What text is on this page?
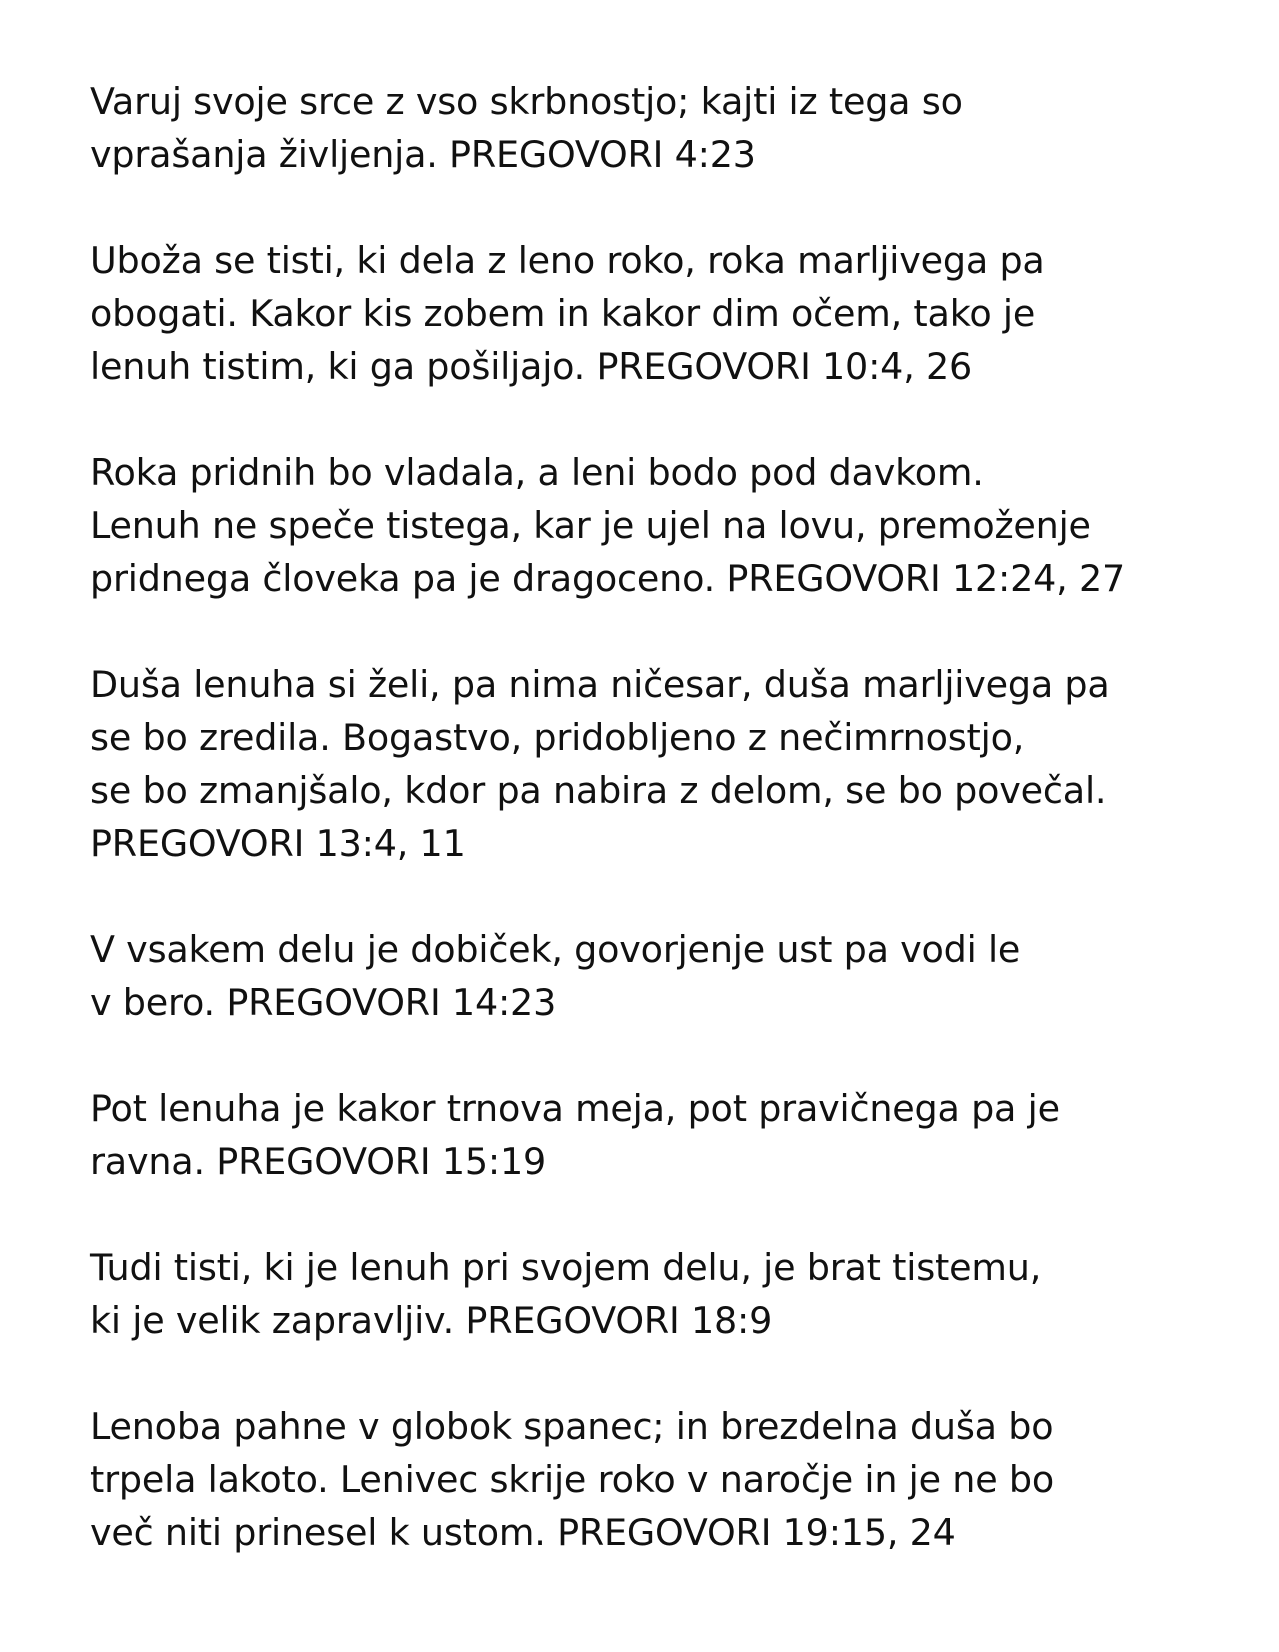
Varuj svoje srce z vso skrbnostjo; kajti iz tega so
vprašanja življenja. PREGOVORI 4:23
Uboža se tisti, ki dela z leno roko, roka marljivega pa
obogati. Kakor kis zobem in kakor dim očem, tako je
lenuh tistim, ki ga pošiljajo. PREGOVORI 10:4, 26
Roka pridnih bo vladala, a leni bodo pod davkom.
Lenuh ne speče tistega, kar je ujel na lovu, premoženje
pridnega človeka pa je dragoceno. PREGOVORI 12:24, 27
Duša lenuha si želi, pa nima ničesar, duša marljivega pa
se bo zredila. Bogastvo, pridobljeno z nečimrnostjo,
se bo zmanjšalo, kdor pa nabira z delom, se bo povečal.
PREGOVORI 13:4, 11
V vsakem delu je dobiček, govorjenje ust pa vodi le
v bero. PREGOVORI 14:23
Pot lenuha je kakor trnova meja, pot pravičnega pa je
ravna. PREGOVORI 15:19
Tudi tisti, ki je lenuh pri svojem delu, je brat tistemu,
ki je velik zapravljiv. PREGOVORI 18:9
Lenoba pahne v globok spanec; in brezdelna duša bo
trpela lakoto. Lenivec skrije roko v naročje in je ne bo
več niti prinesel k ustom. PREGOVORI 19:15, 24
